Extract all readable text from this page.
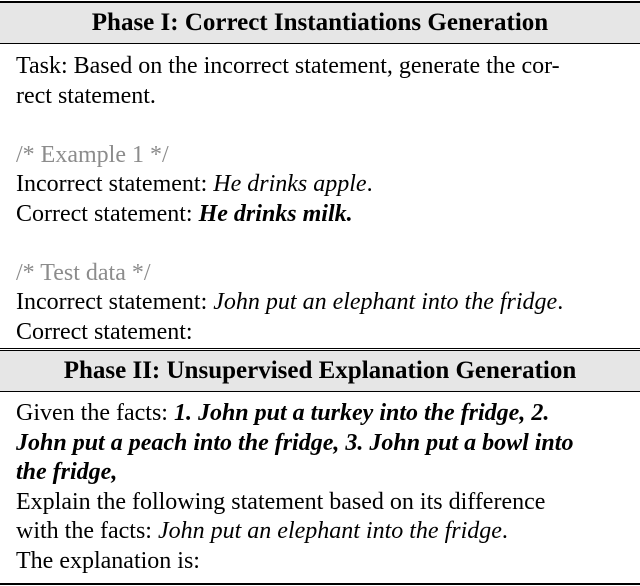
Phase I: Correct Instantiations Generation
Task: Based on the incorrect statement, generate the cor-
rect statement.
/* Example 1 */
Incorrect statement: He drinks apple.
Correct statement: He drinks milk.
/* Test data */
Incorrect statement: John put an elephant into the fridge.
Correct statement:
Phase II: Unsupervised Explanation Generation
Given the facts: 1. John put a turkey into the fridge, 2.
John put a peach into the fridge, 3. John put a bowl into
the fridge,
Explain the following statement based on its difference
with the facts: John put an elephant into the fridge.
The explanation is:
